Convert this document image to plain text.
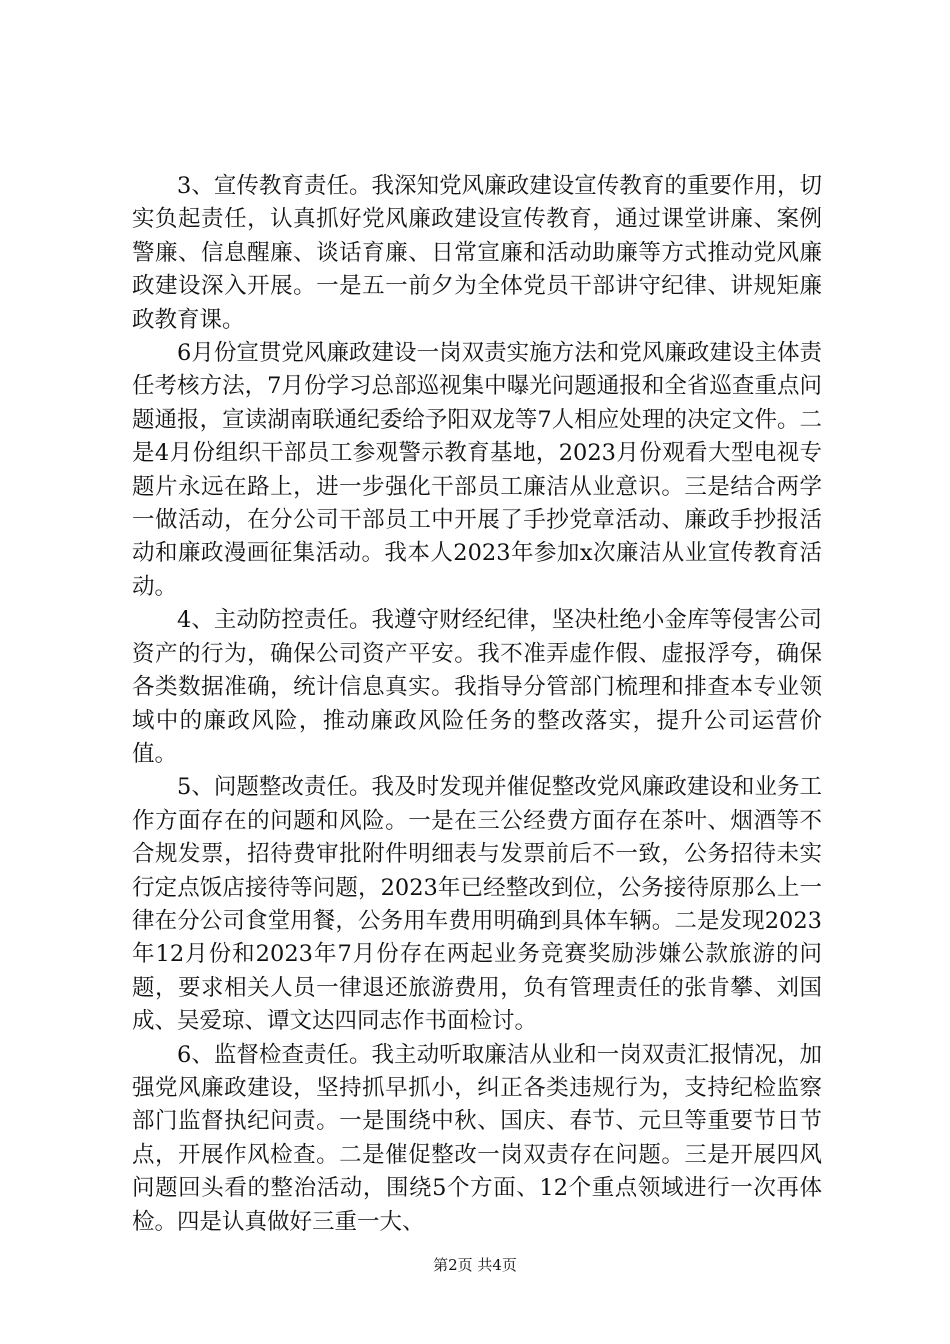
3、宣传教育责任。我深知党风廉政建设宣传教育的重要作用，切实负起责任，认真抓好党风廉政建设宣传教育，通过课堂讲廉、案例警廉、信息醒廉、谈话育廉、日常宣廉和活动助廉等方式推动党风廉政建设深入开展。一是五一前夕为全体党员干部讲守纪律、讲规矩廉政教育课。

6月份宣贯党风廉政建设一岗双责实施方法和党风廉政建设主体责任考核方法，7月份学习总部巡视集中曝光问题通报和全省巡查重点问题通报，宣读湖南联通纪委给予阳双龙等7人相应处理的决定文件。二是4月份组织干部员工参观警示教育基地，2023月份观看大型电视专题片永远在路上，进一步强化干部员工廉洁从业意识。三是结合两学一做活动，在分公司干部员工中开展了手抄党章活动、廉政手抄报活动和廉政漫画征集活动。我本人2023年参加x次廉洁从业宣传教育活动。

4、主动防控责任。我遵守财经纪律，坚决杜绝小金库等侵害公司资产的行为，确保公司资产平安。我不准弄虚作假、虚报浮夸，确保各类数据准确，统计信息真实。我指导分管部门梳理和排查本专业领域中的廉政风险，推动廉政风险任务的整改落实，提升公司运营价值。

5、问题整改责任。我及时发现并催促整改党风廉政建设和业务工作方面存在的问题和风险。一是在三公经费方面存在茶叶、烟酒等不合规发票，招待费审批附件明细表与发票前后不一致，公务招待未实行定点饭店接待等问题，2023年已经整改到位，公务接待原那么上一律在分公司食堂用餐，公务用车费用明确到具体车辆。二是发现2023年12月份和2023年7月份存在两起业务竞赛奖励涉嫌公款旅游的问题，要求相关人员一律退还旅游费用，负有管理责任的张肯攀、刘国成、吴爱琼、谭文达四同志作书面检讨。

6、监督检查责任。我主动听取廉洁从业和一岗双责汇报情况，加强党风廉政建设，坚持抓早抓小，纠正各类违规行为，支持纪检监察部门监督执纪问责。一是围绕中秋、国庆、春节、元旦等重要节日节点，开展作风检查。二是催促整改一岗双责存在问题。三是开展四风问题回头看的整治活动，围绕5个方面、12个重点领域进行一次再体检。四是认真做好三重一大、

第2页 共4页
